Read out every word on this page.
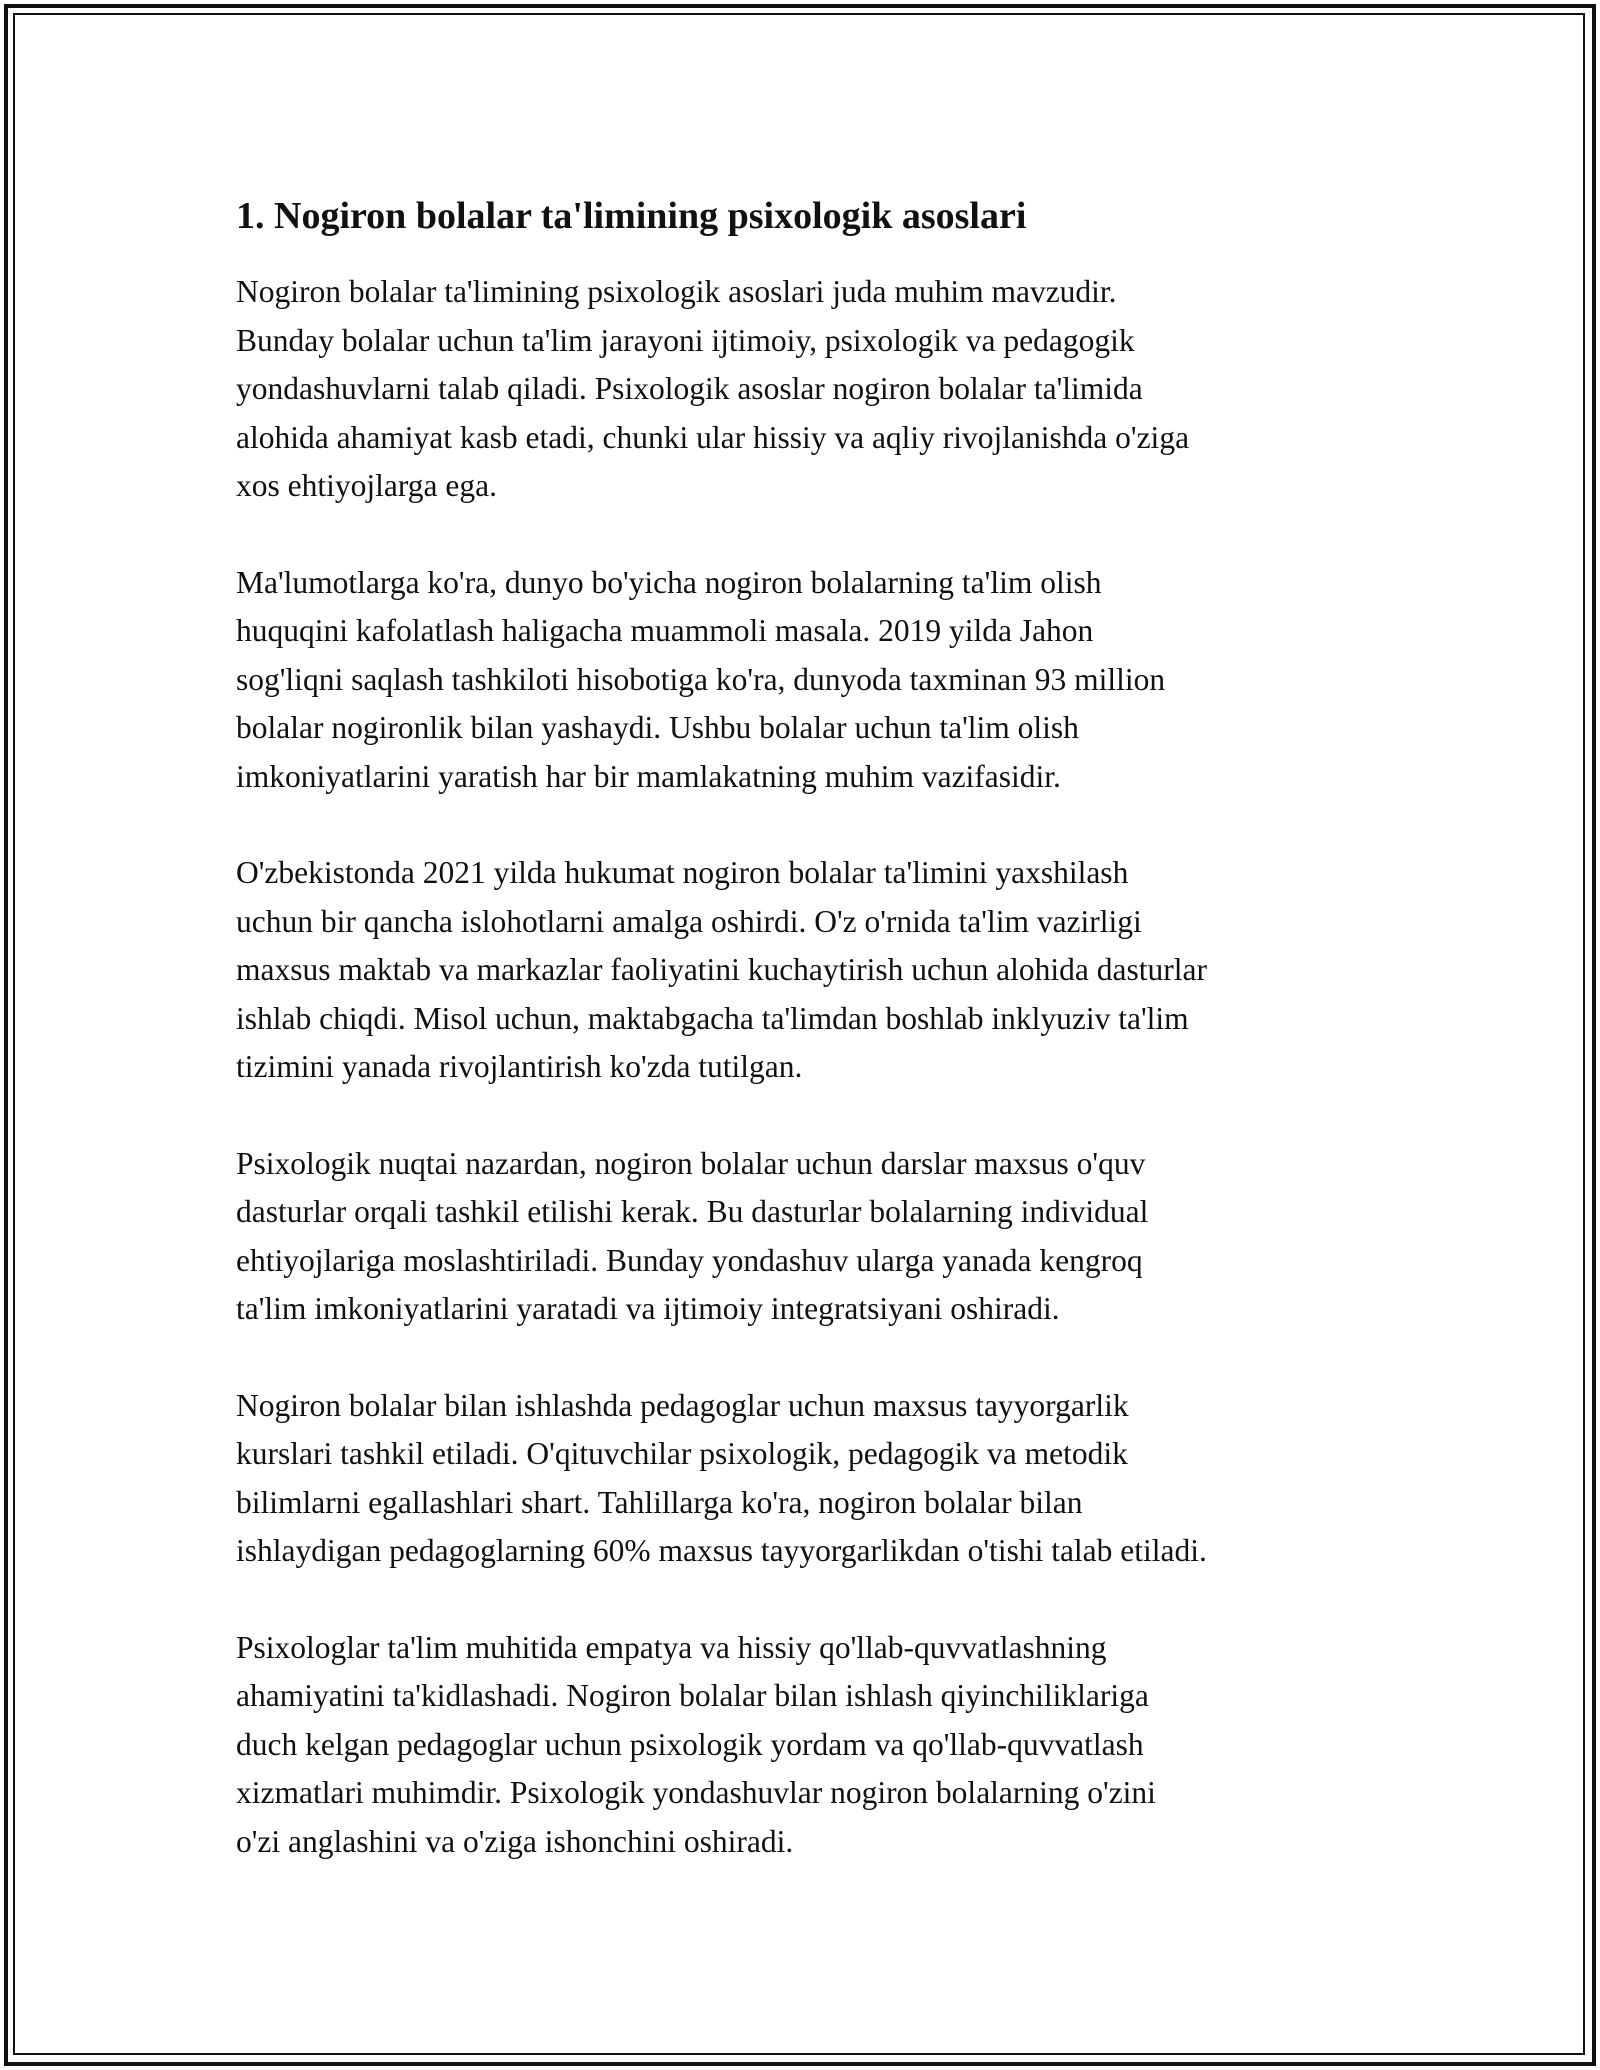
1. Nogiron bolalar ta'limining psixologik asoslari

Nogiron bolalar ta'limining psixologik asoslari juda muhim mavzudir.
Bunday bolalar uchun ta'lim jarayoni ijtimoiy, psixologik va pedagogik
yondashuvlarni talab qiladi. Psixologik asoslar nogiron bolalar ta'limida
alohida ahamiyat kasb etadi, chunki ular hissiy va aqliy rivojlanishda o'ziga
xos ehtiyojlarga ega.

Ma'lumotlarga ko'ra, dunyo bo'yicha nogiron bolalarning ta'lim olish
huquqini kafolatlash haligacha muammoli masala. 2019 yilda Jahon
sog'liqni saqlash tashkiloti hisobotiga ko'ra, dunyoda taxminan 93 million
bolalar nogironlik bilan yashaydi. Ushbu bolalar uchun ta'lim olish
imkoniyatlarini yaratish har bir mamlakatning muhim vazifasidir.

O'zbekistonda 2021 yilda hukumat nogiron bolalar ta'limini yaxshilash
uchun bir qancha islohotlarni amalga oshirdi. O'z o'rnida ta'lim vazirligi
maxsus maktab va markazlar faoliyatini kuchaytirish uchun alohida dasturlar
ishlab chiqdi. Misol uchun, maktabgacha ta'limdan boshlab inklyuziv ta'lim
tizimini yanada rivojlantirish ko'zda tutilgan.

Psixologik nuqtai nazardan, nogiron bolalar uchun darslar maxsus o'quv
dasturlar orqali tashkil etilishi kerak. Bu dasturlar bolalarning individual
ehtiyojlariga moslashtiriladi. Bunday yondashuv ularga yanada kengroq
ta'lim imkoniyatlarini yaratadi va ijtimoiy integratsiyani oshiradi.

Nogiron bolalar bilan ishlashda pedagoglar uchun maxsus tayyorgarlik
kurslari tashkil etiladi. O'qituvchilar psixologik, pedagogik va metodik
bilimlarni egallashlari shart. Tahlillarga ko'ra, nogiron bolalar bilan
ishlaydigan pedagoglarning 60% maxsus tayyorgarlikdan o'tishi talab etiladi.

Psixologlar ta'lim muhitida empatya va hissiy qo'llab-quvvatlashning
ahamiyatini ta'kidlashadi. Nogiron bolalar bilan ishlash qiyinchiliklariga
duch kelgan pedagoglar uchun psixologik yordam va qo'llab-quvvatlash
xizmatlari muhimdir. Psixologik yondashuvlar nogiron bolalarning o'zini
o'zi anglashini va o'ziga ishonchini oshiradi.
